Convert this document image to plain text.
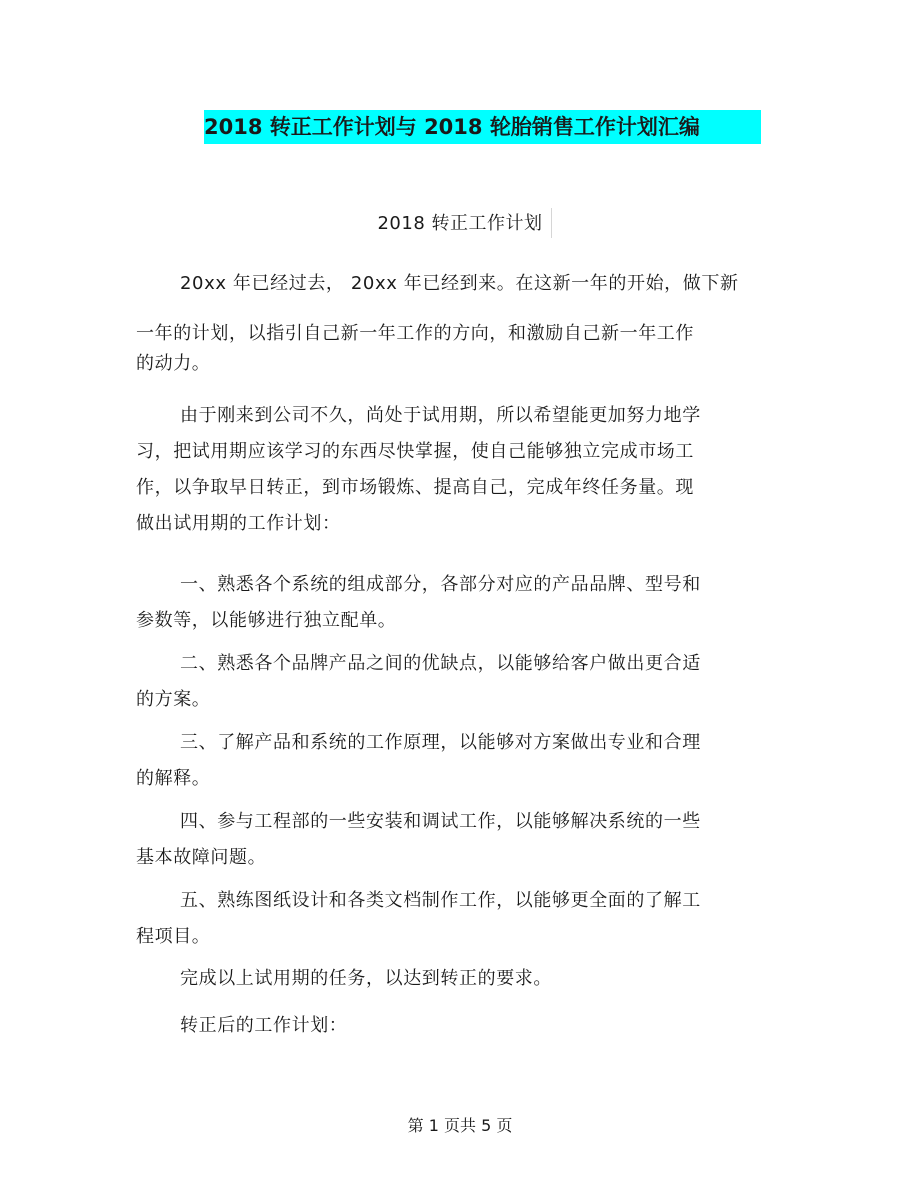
2018 转正工作计划与 2018 轮胎销售工作计划汇编
2018 转正工作计划

20xx 年已经过去， 20xx 年已经到来。在这新一年的开始，做下新
一年的计划，以指引自己新一年工作的方向，和激励自己新一年工作
的动力。

由于刚来到公司不久，尚处于试用期，所以希望能更加努力地学
习，把试用期应该学习的东西尽快掌握，使自己能够独立完成市场工
作，以争取早日转正，到市场锻炼、提高自己，完成年终任务量。现
做出试用期的工作计划：

一、熟悉各个系统的组成部分，各部分对应的产品品牌、型号和
参数等，以能够进行独立配单。

二、熟悉各个品牌产品之间的优缺点，以能够给客户做出更合适
的方案。

三、了解产品和系统的工作原理，以能够对方案做出专业和合理
的解释。

四、参与工程部的一些安装和调试工作，以能够解决系统的一些
基本故障问题。

五、熟练图纸设计和各类文档制作工作，以能够更全面的了解工
程项目。

完成以上试用期的任务，以达到转正的要求。

转正后的工作计划：

第 1 页共 5 页
